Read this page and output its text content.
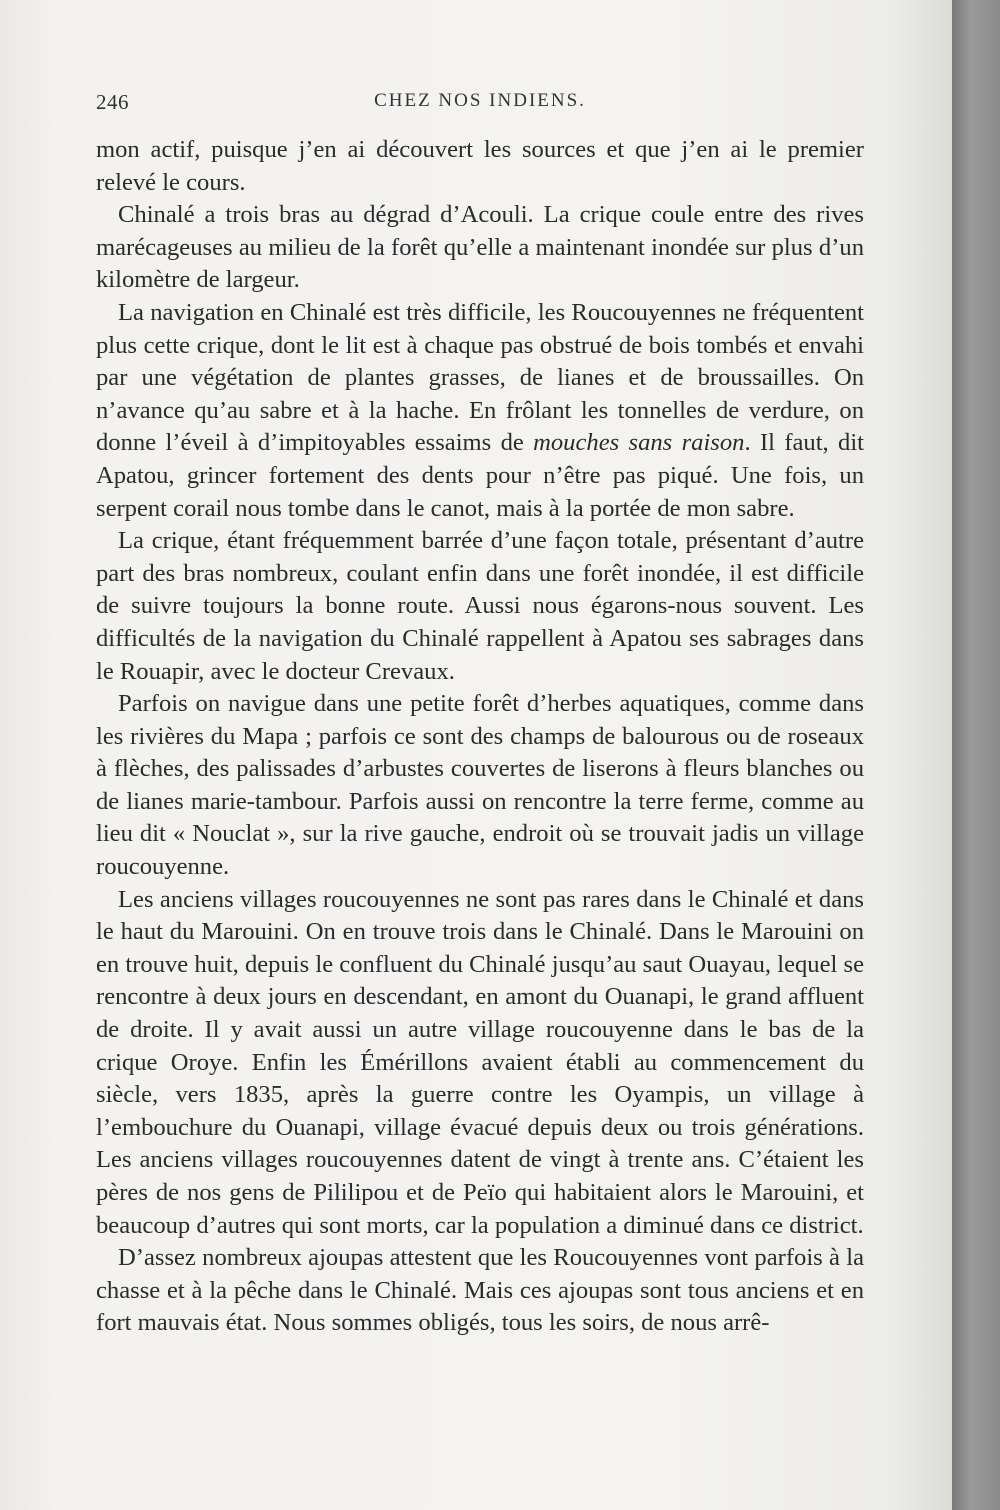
246	CHEZ NOS INDIENS.

mon actif, puisque j’en ai découvert les sources et que j’en ai le premier relevé le cours.

Chinalé a trois bras au dégrad d’Acouli. La crique coule entre des rives marécageuses au milieu de la forêt qu’elle a maintenant inondée sur plus d’un kilomètre de largeur.

La navigation en Chinalé est très difficile, les Roucouyennes ne fréquentent plus cette crique, dont le lit est à chaque pas obstrué de bois tombés et envahi par une végétation de plantes grasses, de lianes et de broussailles. On n’avance qu’au sabre et à la hache. En frôlant les tonnelles de verdure, on donne l’éveil à d’impitoyables essaims de mouches sans raison. Il faut, dit Apatou, grincer fortement des dents pour n’être pas piqué. Une fois, un serpent corail nous tombe dans le canot, mais à la portée de mon sabre.

La crique, étant fréquemment barrée d’une façon totale, présentant d’autre part des bras nombreux, coulant enfin dans une forêt inondée, il est difficile de suivre toujours la bonne route. Aussi nous égarons-nous souvent. Les difficultés de la navigation du Chinalé rappellent à Apatou ses sabrages dans le Rouapir, avec le docteur Crevaux.

Parfois on navigue dans une petite forêt d’herbes aquatiques, comme dans les rivières du Mapa ; parfois ce sont des champs de balourous ou de roseaux à flèches, des palissades d’arbustes couvertes de liserons à fleurs blanches ou de lianes marie-tambour. Parfois aussi on rencontre la terre ferme, comme au lieu dit « Nouclat », sur la rive gauche, endroit où se trouvait jadis un village roucouyenne.

Les anciens villages roucouyennes ne sont pas rares dans le Chinalé et dans le haut du Marouini. On en trouve trois dans le Chinalé. Dans le Marouini on en trouve huit, depuis le confluent du Chinalé jusqu’au saut Ouayau, lequel se rencontre à deux jours en descendant, en amont du Ouanapi, le grand affluent de droite. Il y avait aussi un autre village roucouyenne dans le bas de la crique Oroye. Enfin les Émérillons avaient établi au commencement du siècle, vers 1835, après la guerre contre les Oyampis, un village à l’embouchure du Ouanapi, village évacué depuis deux ou trois générations. Les anciens villages roucouyennes datent de vingt à trente ans. C’étaient les pères de nos gens de Pililipou et de Peïo qui habitaient alors le Marouini, et beaucoup d’autres qui sont morts, car la population a diminué dans ce district.

D’assez nombreux ajoupas attestent que les Roucouyennes vont parfois à la chasse et à la pêche dans le Chinalé. Mais ces ajoupas sont tous anciens et en fort mauvais état. Nous sommes obligés, tous les soirs, de nous arrê-
